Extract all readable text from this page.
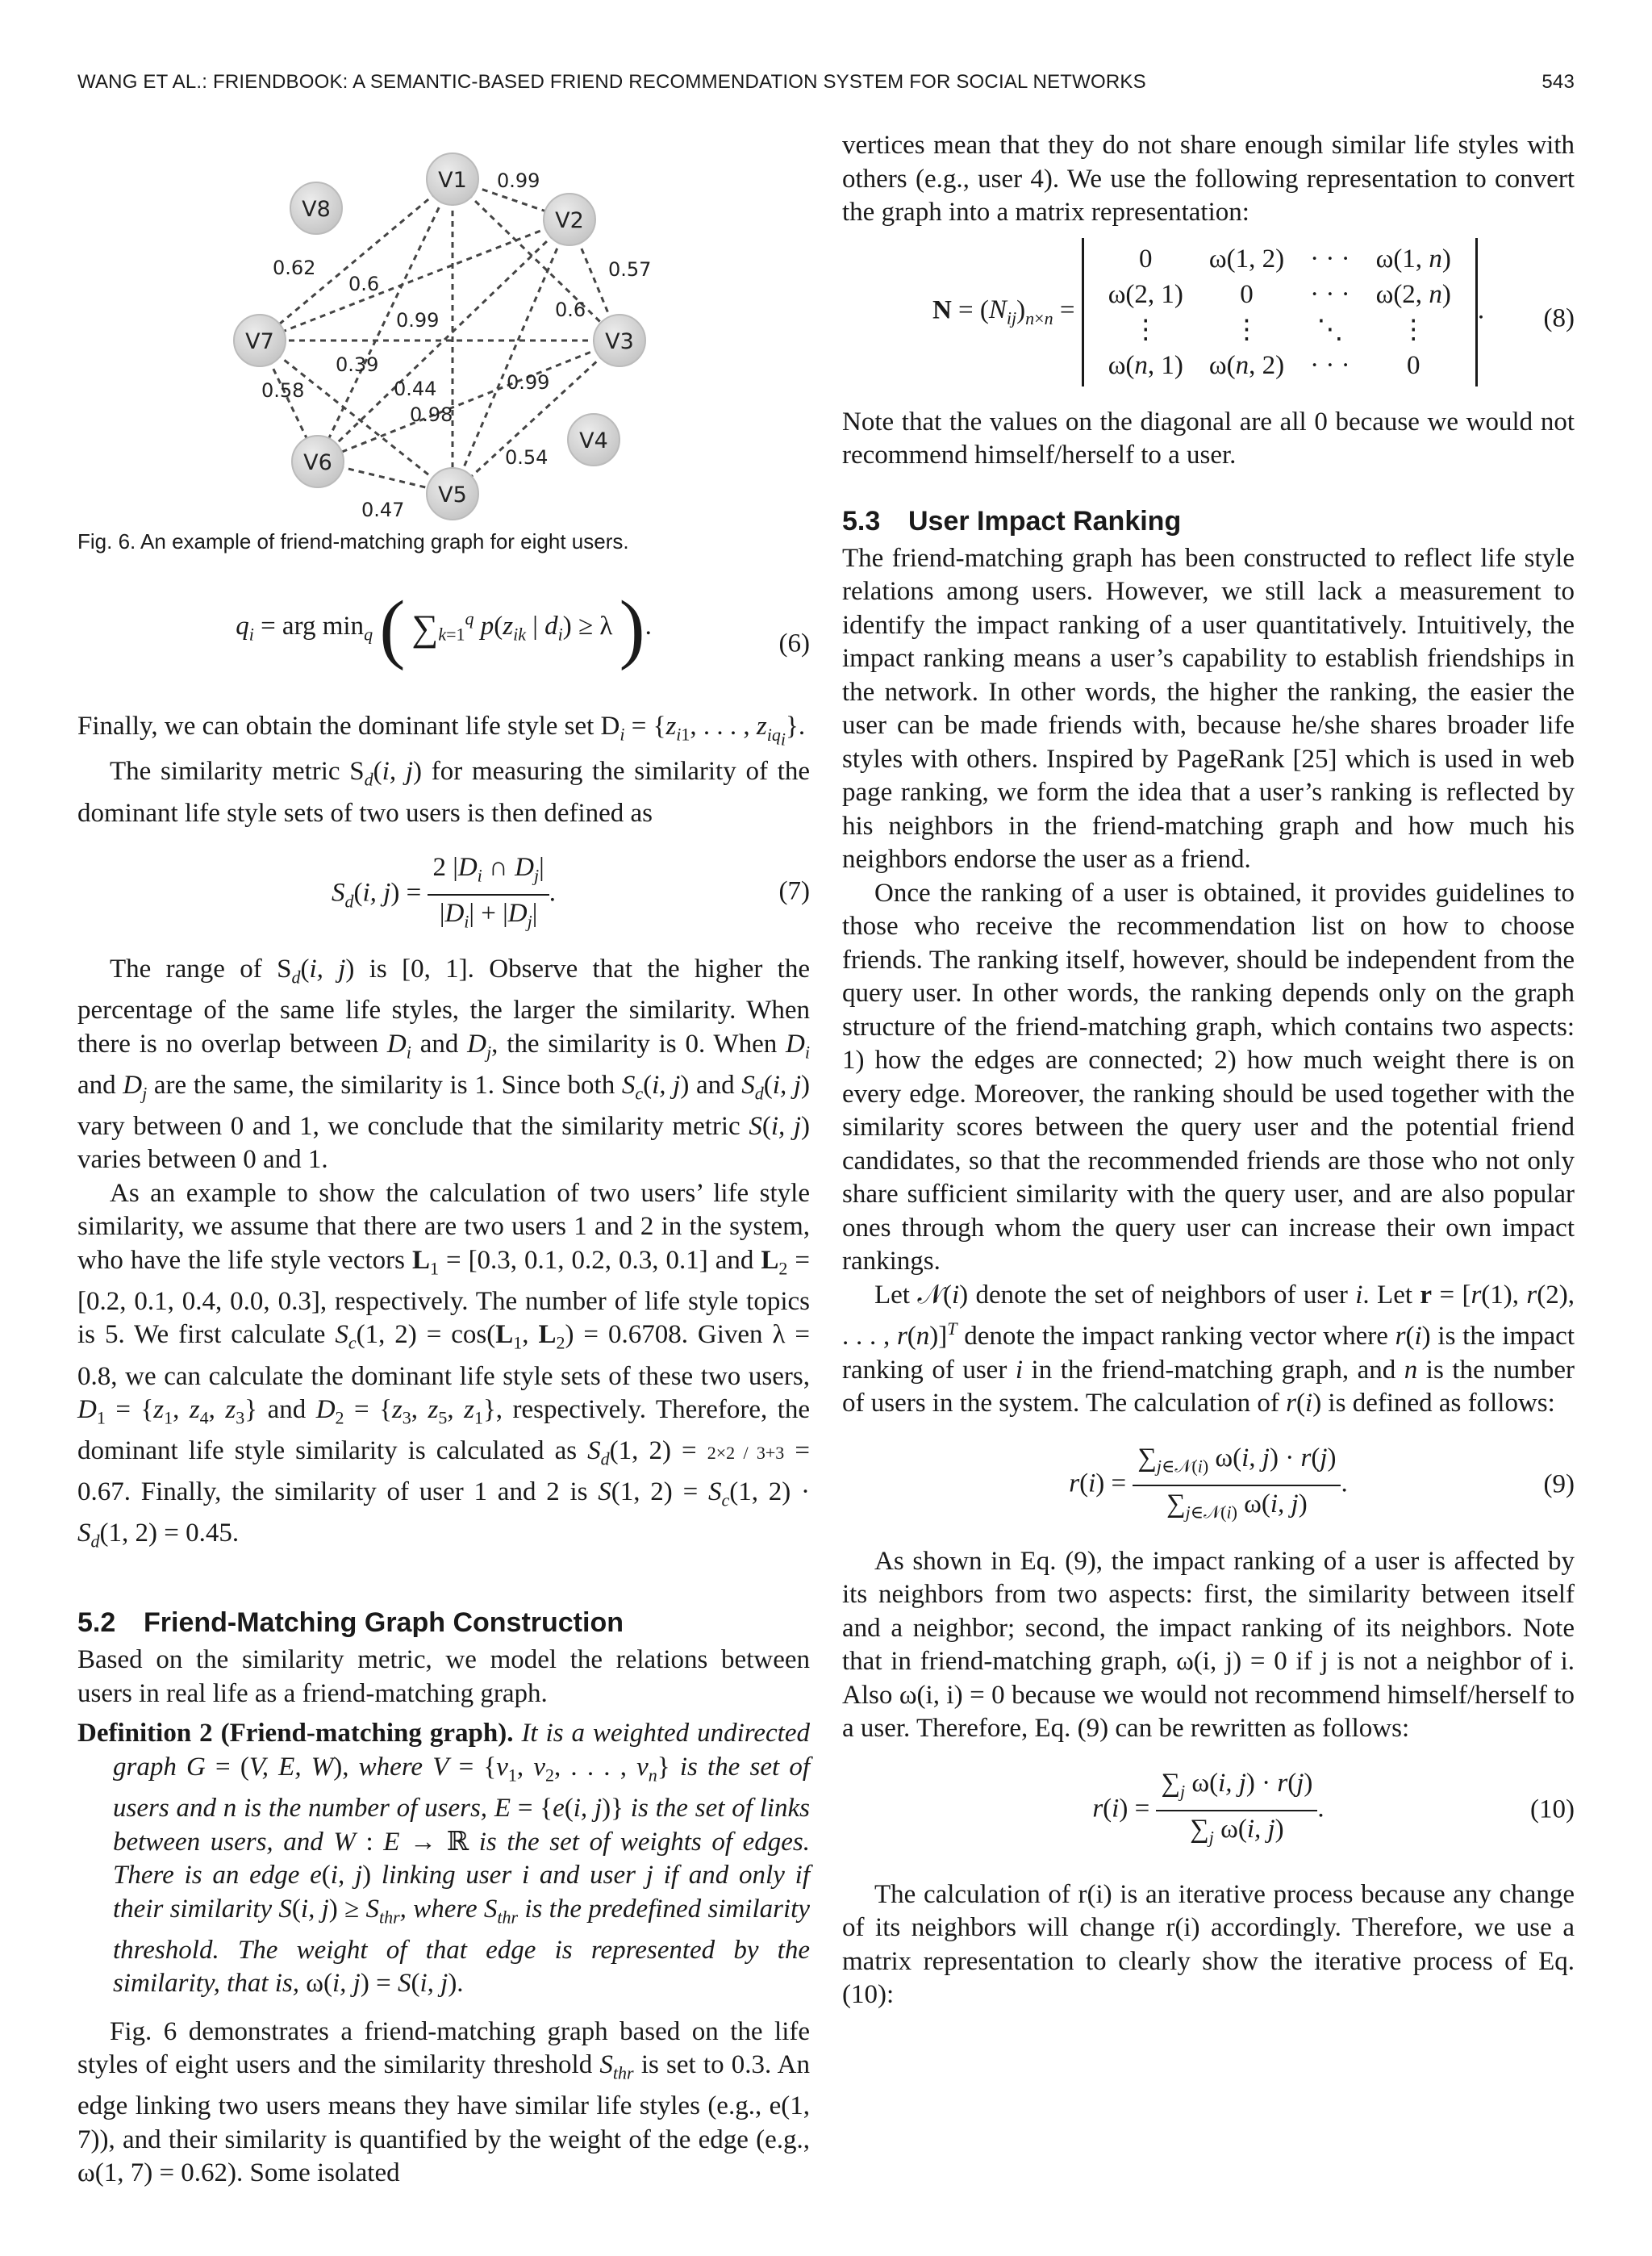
WANG ET AL.: FRIENDBOOK: A SEMANTIC-BASED FRIEND RECOMMENDATION SYSTEM FOR SOCIAL NETWORKS	543
V1
V2
V3
V4
V5
V6
V7
V8
0.99
0.57
0.6
0.62
0.6
0.99
0.39
0.99
0.44
0.98
0.58
0.54
0.47
Fig. 6. An example of friend-matching graph for eight users.
$q_i$ = arg $\min_q$ ( $\sum_{k=1}^q$ $p(z_{ik}$ | $d_i) \ge \lambda$ ).
(6)

Finally, we can obtain the dominant life style set $D_i = \{z_{i1}$, . . . , $z_{iq_i}$}.

The similarity metric $S_d(i$, j) for measuring the similarity of the dominant life style sets of two users is then defined as

$S_d(i$, $j) = \frac{2 |D_i \cap D_j|}{|D_i| + |D_j|}$ .	(7)

The range of $S_d(i$, j) is [0, 1]. Observe that the higher the percentage of the same life styles, the larger the similarity. When there is no overlap between $D_i$ and $D_j$, the similarity is 0. When $D_i$ and $D_j$ are the same, the similarity is 1. Since both $S_c(i$, j) and $S_d(i$, j) vary between 0 and 1, we conclude that the similarity metric S(i, j) varies between 0 and 1.

As an example to show the calculation of two users’ life style similarity, we assume that there are two users 1 and 2 in the system, who have the life style vectors $L_1 = [0.3$, 0.1, 0.2, 0.3, 0.1] and $L_2 = [0.2$, 0.1, 0.4, 0.0, 0.3], respectively. The number of life style topics is 5. We first calculate $S_c(1$, $2) = \cos(L_1$, $L_2) = 0.6708$. Given λ = 0.8, we can calculate the dominant life style sets of these two users, $D_1 = \{z_1$, $z_4$, $z_3$} and $D_2 = \{z_3$, $z_5$, $z_1$}, respectively. Therefore, the dominant life style similarity is calculated as $S_d(1$, 2) = 2×2 / 3+3 = 0.67. Finally, the similarity of user 1 and 2 is S(1, $2) = S_c(1$, $2) \cdot S_d(1$, 2) = 0.45.

5.2 Friend-Matching Graph Construction

Based on the similarity metric, we model the relations between users in real life as a friend-matching graph.

Definition 2 (Friend-matching graph). It is a weighted undirected graph G = (V, E, W), where $V = \{v_1$, $v_2$, . . . , $v_n$} is the set of users and n is the number of users, E = {e(i, j)} is the set of links between users, and W : E → ℝ is the set of weights of edges. There is an edge e(i, j) linking user i and user j if and only if their similarity S(i, $j) \ge S_{thr}$, where $S_{thr}$ is the predefined similarity threshold. The weight of that edge is represented by the similarity, that is, ω(i, j) = S(i, j).

Fig. 6 demonstrates a friend-matching graph based on the life styles of eight users and the similarity threshold $S_{thr}$ is set to 0.3. An edge linking two users means they have similar life styles (e.g., e(1, 7)), and their similarity is quantified by the weight of the edge (e.g., ω(1, 7) = 0.62). Some isolated

vertices mean that they do not share enough similar life styles with others (e.g., user 4). We use the following representation to convert the graph into a matrix representation:

$N = (N_{ij})_{n\times n}$ =
0	ω(1, 2)	· · ·	ω(1, n)
ω(2, 1)	0	· · ·	ω(2, n)
⋮	⋮	⋱	⋮
ω(n, 1)	ω(n, 2)	· · ·	0
.	(8)

Note that the values on the diagonal are all 0 because we would not recommend himself/herself to a user.

5.3 User Impact Ranking

The friend-matching graph has been constructed to reflect life style relations among users. However, we still lack a measurement to identify the impact ranking of a user quantitatively. Intuitively, the impact ranking means a user’s capability to establish friendships in the network. In other words, the higher the ranking, the easier the user can be made friends with, because he/she shares broader life styles with others. Inspired by PageRank [25] which is used in web page ranking, we form the idea that a user’s ranking is reflected by his neighbors in the friend-matching graph and how much his neighbors endorse the user as a friend.

Once the ranking of a user is obtained, it provides guidelines to those who receive the recommendation list on how to choose friends. The ranking itself, however, should be independent from the query user. In other words, the ranking depends only on the graph structure of the friend-matching graph, which contains two aspects: 1) how the edges are connected; 2) how much weight there is on every edge. Moreover, the ranking should be used together with the similarity scores between the query user and the potential friend candidates, so that the recommended friends are those who not only share sufficient similarity with the query user, and are also popular ones through whom the query user can increase their own impact rankings.

Let 𝒩(i) denote the set of neighbors of user i. Let r = [r(1), r(2), . . . , r(n)]$^T$ denote the impact ranking vector where r(i) is the impact ranking of user i in the friend-matching graph, and n is the number of users in the system. The calculation of r(i) is defined as follows:

$r(i) = \frac{\sum_{j\in 𝒩(i)} \omega(i, j) \cdot r(j)}{\sum_{j\in 𝒩(i)} \omega(i, j)}$ .	(9)

As shown in Eq. (9), the impact ranking of a user is affected by its neighbors from two aspects: first, the similarity between itself and a neighbor; second, the impact ranking of its neighbors. Note that in friend-matching graph, ω(i, j) = 0 if j is not a neighbor of i. Also ω(i, i) = 0 because we would not recommend himself/herself to a user. Therefore, Eq. (9) can be rewritten as follows:

$r(i) = \frac{\sum_j \omega(i, j) \cdot r(j)}{\sum_j \omega(i, j)}$ .	(10)

The calculation of r(i) is an iterative process because any change of its neighbors will change r(i) accordingly. Therefore, we use a matrix representation to clearly show the iterative process of Eq. (10):
